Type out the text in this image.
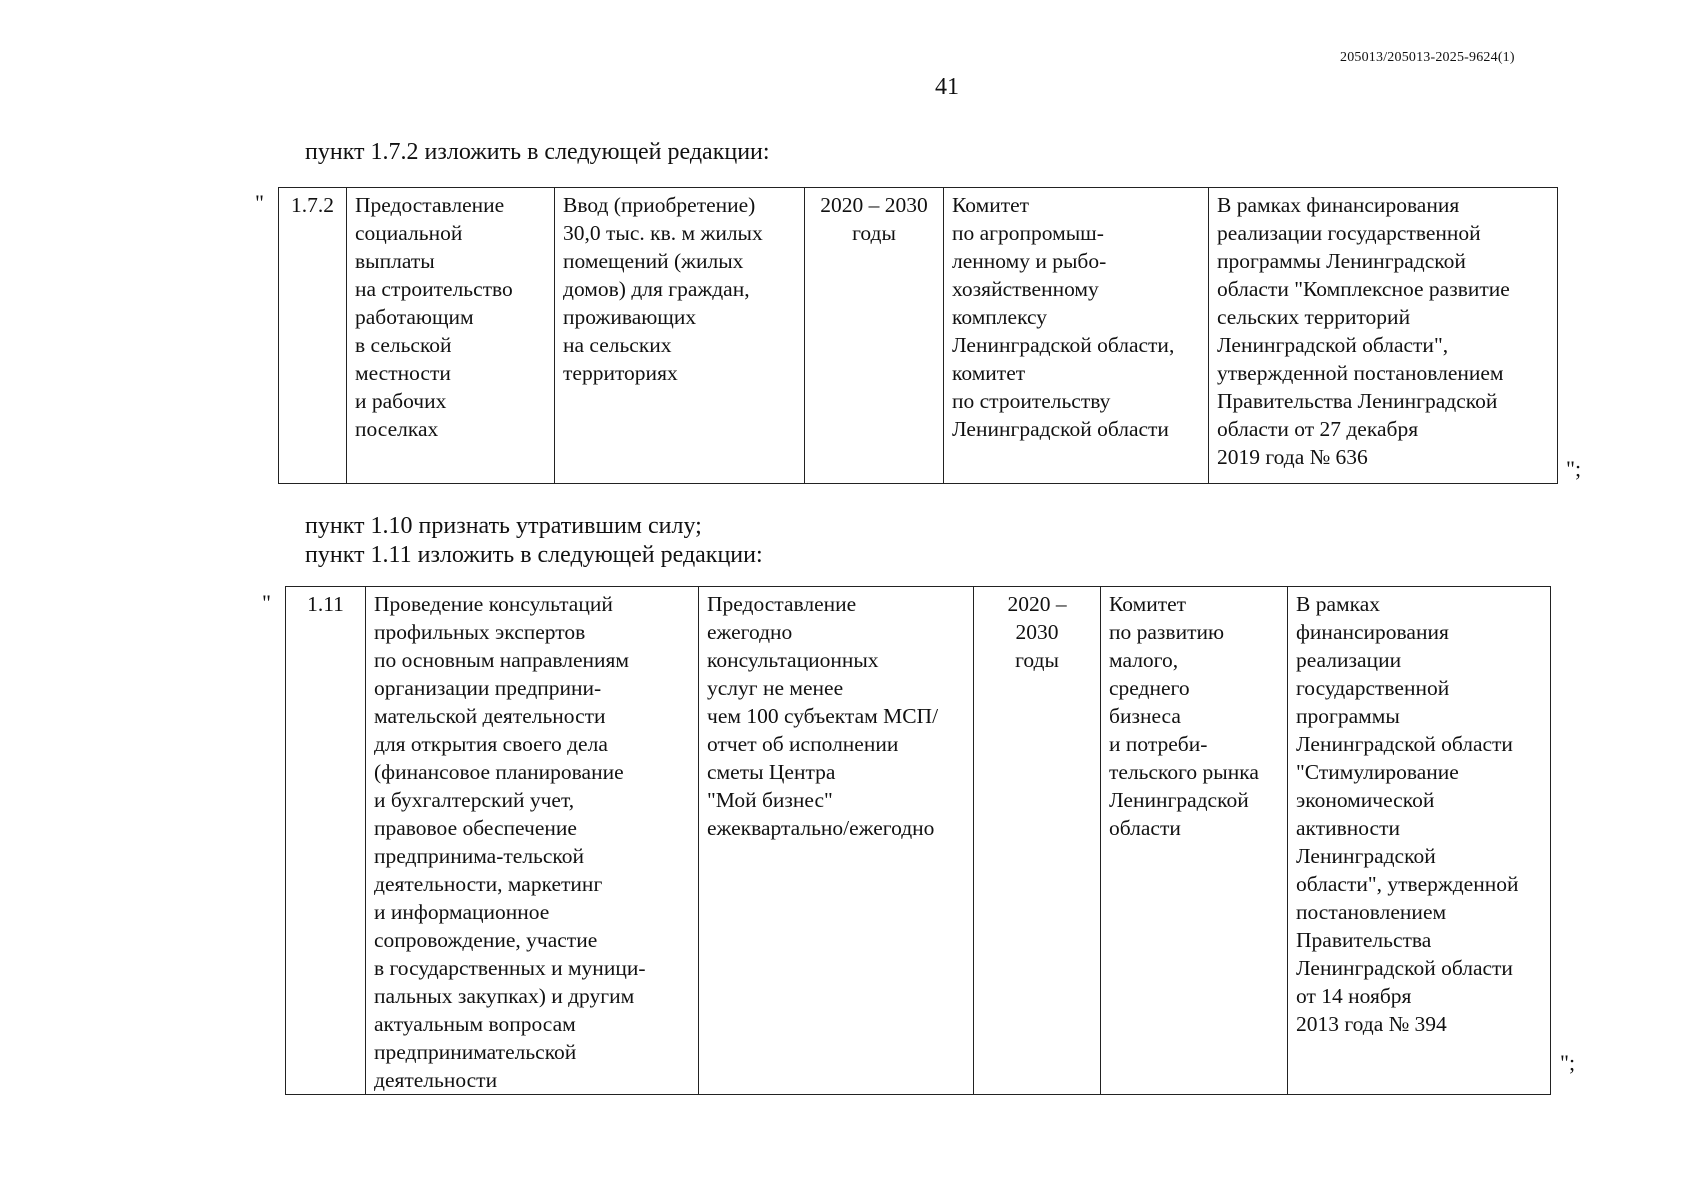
205013/205013-2025-9624(1)
41
пункт 1.7.2 изложить в следующей редакции:
" 1.7.2	Предоставление
социальной
выплаты
на строительство
работающим
в сельской
местности
и рабочих
поселках	Ввод (приобретение)
30,0 тыс. кв. м жилых
помещений (жилых
домов) для граждан,
проживающих
на сельских
территориях	2020 – 2030
годы	Комитет
по агропромыш-
ленному и рыбо-
хозяйственному
комплексу
Ленинградской области,
комитет
по строительству
Ленинградской области	В рамках финансирования
реализации государственной
программы Ленинградской
области "Комплексное развитие
сельских территорий
Ленинградской области",
утвержденной постановлением
Правительства Ленинградской
области от 27 декабря
2019 года № 636	";
пункт 1.10 признать утратившим силу;
пункт 1.11 изложить в следующей редакции:
" 1.11	Проведение консультаций
профильных экспертов
по основным направлениям
организации предприни-
мательской деятельности
для открытия своего дела
(финансовое планирование
и бухгалтерский учет,
правовое обеспечение
предпринима-тельской
деятельности, маркетинг
и информационное
сопровождение, участие
в государственных и муници-
пальных закупках) и другим
актуальным вопросам
предпринимательской
деятельности	Предоставление
ежегодно
консультационных
услуг не менее
чем 100 субъектам МСП/
отчет об исполнении
сметы Центра
"Мой бизнес"
ежеквартально/ежегодно	2020 –
2030
годы	Комитет
по развитию
малого,
среднего
бизнеса
и потреби-
тельского рынка
Ленинградской
области	В рамках
финансирования
реализации
государственной
программы
Ленинградской области
"Стимулирование
экономической
активности
Ленинградской
области", утвержденной
постановлением
Правительства
Ленинградской области
от 14 ноября
2013 года № 394
";
